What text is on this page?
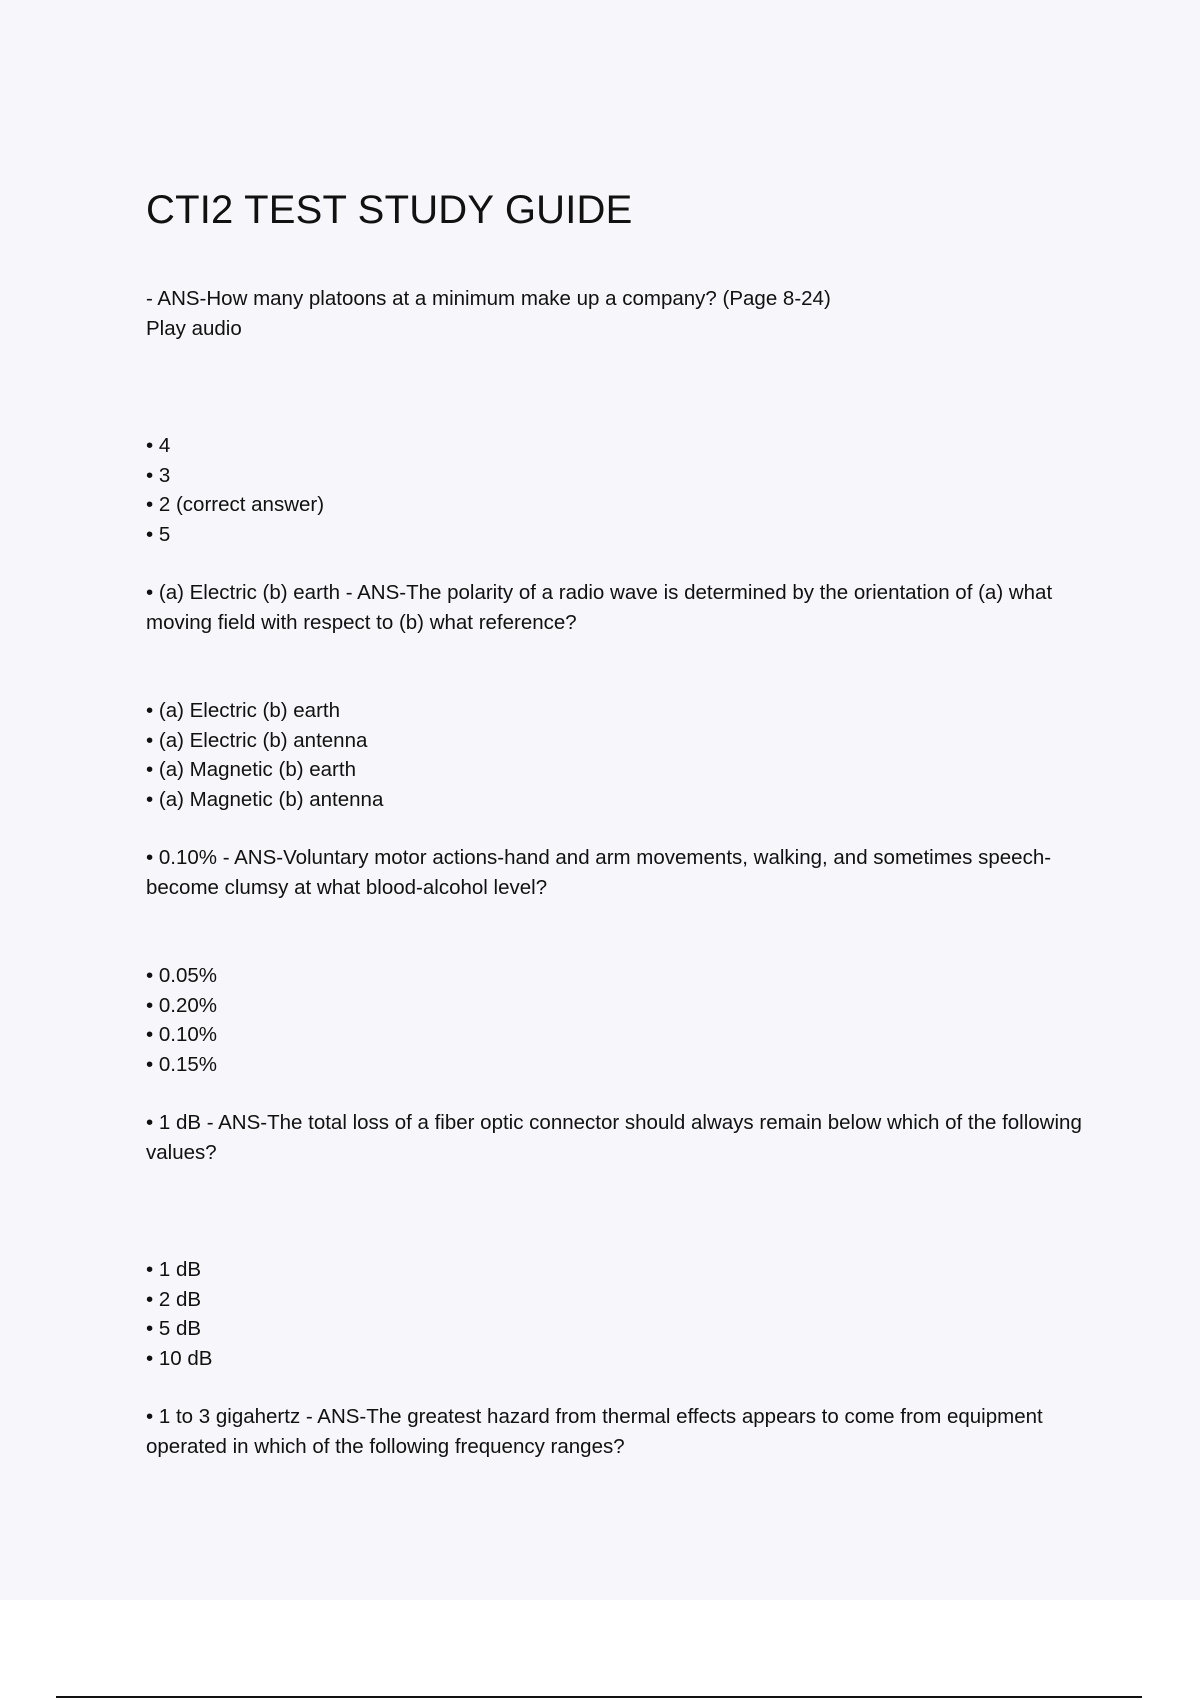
CTI2 TEST STUDY GUIDE

- ANS-How many platoons at a minimum make up a company? (Page 8-24)

Play audio

• 4
• 3
• 2 (correct answer)
• 5

• (a) Electric (b) earth - ANS-The polarity of a radio wave is determined by the orientation of (a) what moving field with respect to (b) what reference?

• (a) Electric (b) earth
• (a) Electric (b) antenna
• (a) Magnetic (b) earth
• (a) Magnetic (b) antenna

• 0.10% - ANS-Voluntary motor actions-hand and arm movements, walking, and sometimes speech-become clumsy at what blood-alcohol level?

• 0.05%
• 0.20%
• 0.10%
• 0.15%

• 1 dB - ANS-The total loss of a fiber optic connector should always remain below which of the following values?

• 1 dB
• 2 dB
• 5 dB
• 10 dB

• 1 to 3 gigahertz - ANS-The greatest hazard from thermal effects appears to come from equipment operated in which of the following frequency ranges?
